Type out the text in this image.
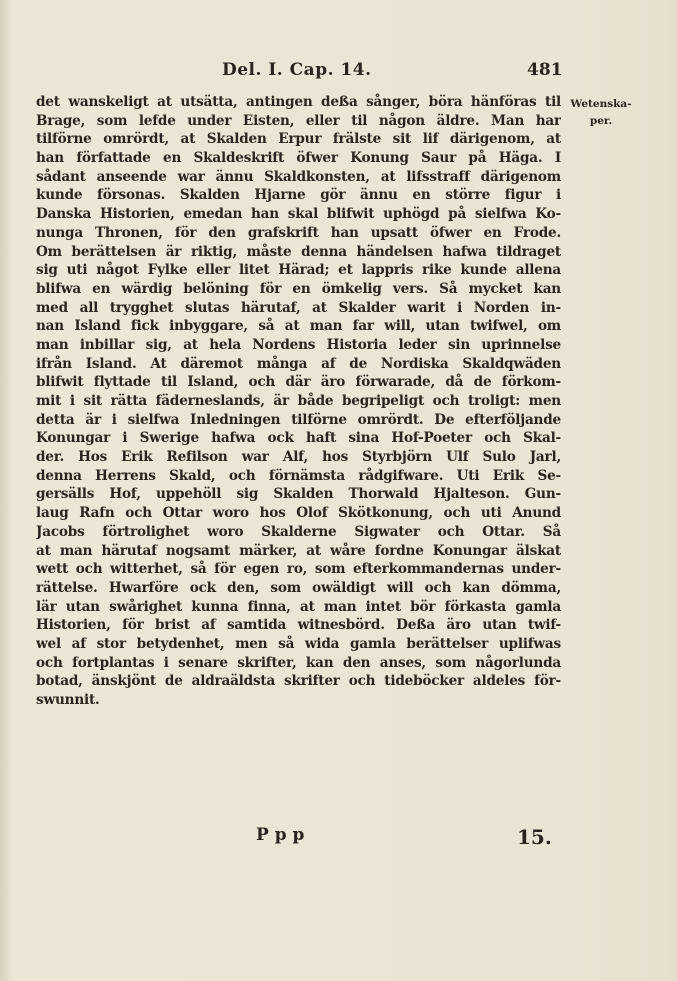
Del. I. Cap. 14.	481
Wetenska-
per.
det wanskeligt at utsätta, antingen deßa sånger, böra hänföras til
Brage, som lefde under Eisten, eller til någon äldre. Man har
tilförne omrördt, at Skalden Erpur frälste sit lif därigenom, at
han författade en Skaldeskrift öfwer Konung Saur på Häga. I
sådant anseende war ännu Skaldkonsten, at lifsstraff därigenom
kunde försonas. Skalden Hjarne gör ännu en större figur i
Danska Historien, emedan han skal blifwit uphögd på sielfwa Ko-
nunga Thronen, för den grafskrift han upsatt öfwer en Frode.
Om berättelsen är riktig, måste denna händelsen hafwa tildraget
sig uti något Fylke eller litet Härad; et lappris rike kunde allena
blifwa en wärdig belöning för en ömkelig vers. Så mycket kan
med all trygghet slutas härutaf, at Skalder warit i Norden in-
nan Island fick inbyggare, så at man far will, utan twifwel, om
man inbillar sig, at hela Nordens Historia leder sin uprinnelse
ifrån Island. At däremot många af de Nordiska Skaldqwäden
blifwit flyttade til Island, och där äro förwarade, då de förkom-
mit i sit rätta fäderneslands, är både begripeligt och troligt: men
detta är i sielfwa Inledningen tilförne omrördt. De efterföljande
Konungar i Swerige hafwa ock haft sina Hof-Poeter och Skal-
der. Hos Erik Refilson war Alf, hos Styrbjörn Ulf Sulo Jarl,
denna Herrens Skald, och förnämsta rådgifware. Uti Erik Se-
gersälls Hof, uppehöll sig Skalden Thorwald Hjalteson. Gun-
laug Rafn och Ottar woro hos Olof Skötkonung, och uti Anund
Jacobs förtrolighet woro Skalderne Sigwater och Ottar. Så
at man härutaf nogsamt märker, at wåre fordne Konungar älskat
wett och witterhet, så för egen ro, som efterkommandernas under-
rättelse. Hwarföre ock den, som owäldigt will och kan dömma,
lär utan swårighet kunna finna, at man intet bör förkasta gamla
Historien, för brist af samtida witnesbörd. Deßa äro utan twif-
wel af stor betydenhet, men så wida gamla berättelser uplifwas
och fortplantas i senare skrifter, kan den anses, som någorlunda
botad, änskjönt de aldraäldsta skrifter och tideböcker aldeles för-
swunnit.
P p p	15.
